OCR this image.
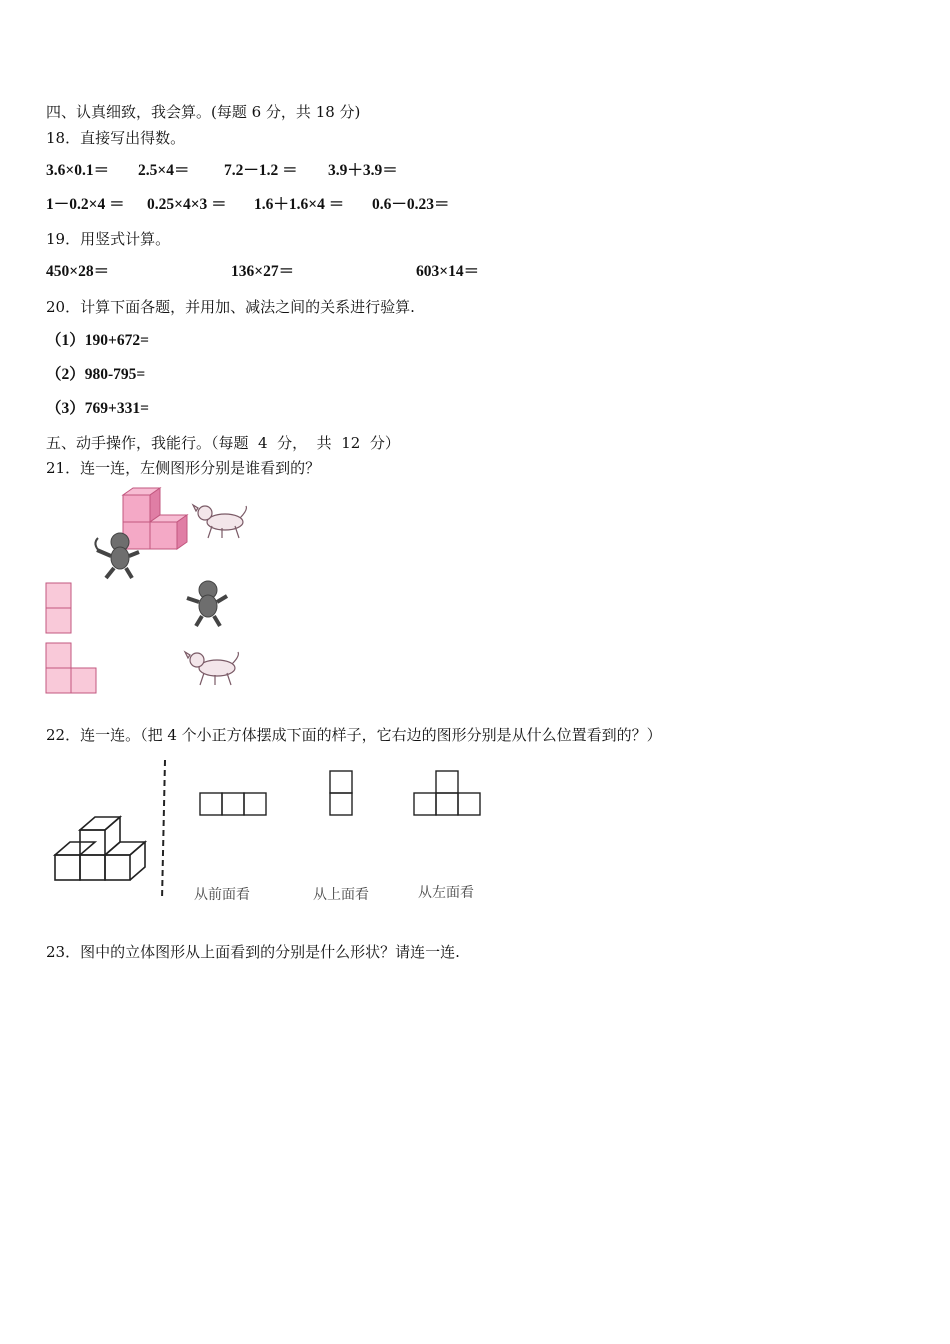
四、认真细致，我会算。(每题 6 分，共 18 分)
18．直接写出得数。
3.6×0.1＝ 2.5×4＝ 7.2－1.2 ＝ 3.9＋3.9＝
1－0.2×4 ＝ 0.25×4×3 ＝ 1.6＋1.6×4 ＝ 0.6－0.23＝
19．用竖式计算。
450×28＝	136×27＝	603×14＝
20．计算下面各题，并用加、减法之间的关系进行验算.
（1）190+672=
（2）980-795=
（3）769+331=
五、动手操作，我能行。（每题  4  分，  共  12  分）
21．连一连，左侧图形分别是谁看到的？
22．连一连。（把 4 个小正方体摆成下面的样子，它右边的图形分别是从什么位置看到的？）
从前面看	从上面看	从左面看
23．图中的立体图形从上面看到的分别是什么形状？请连一连.
